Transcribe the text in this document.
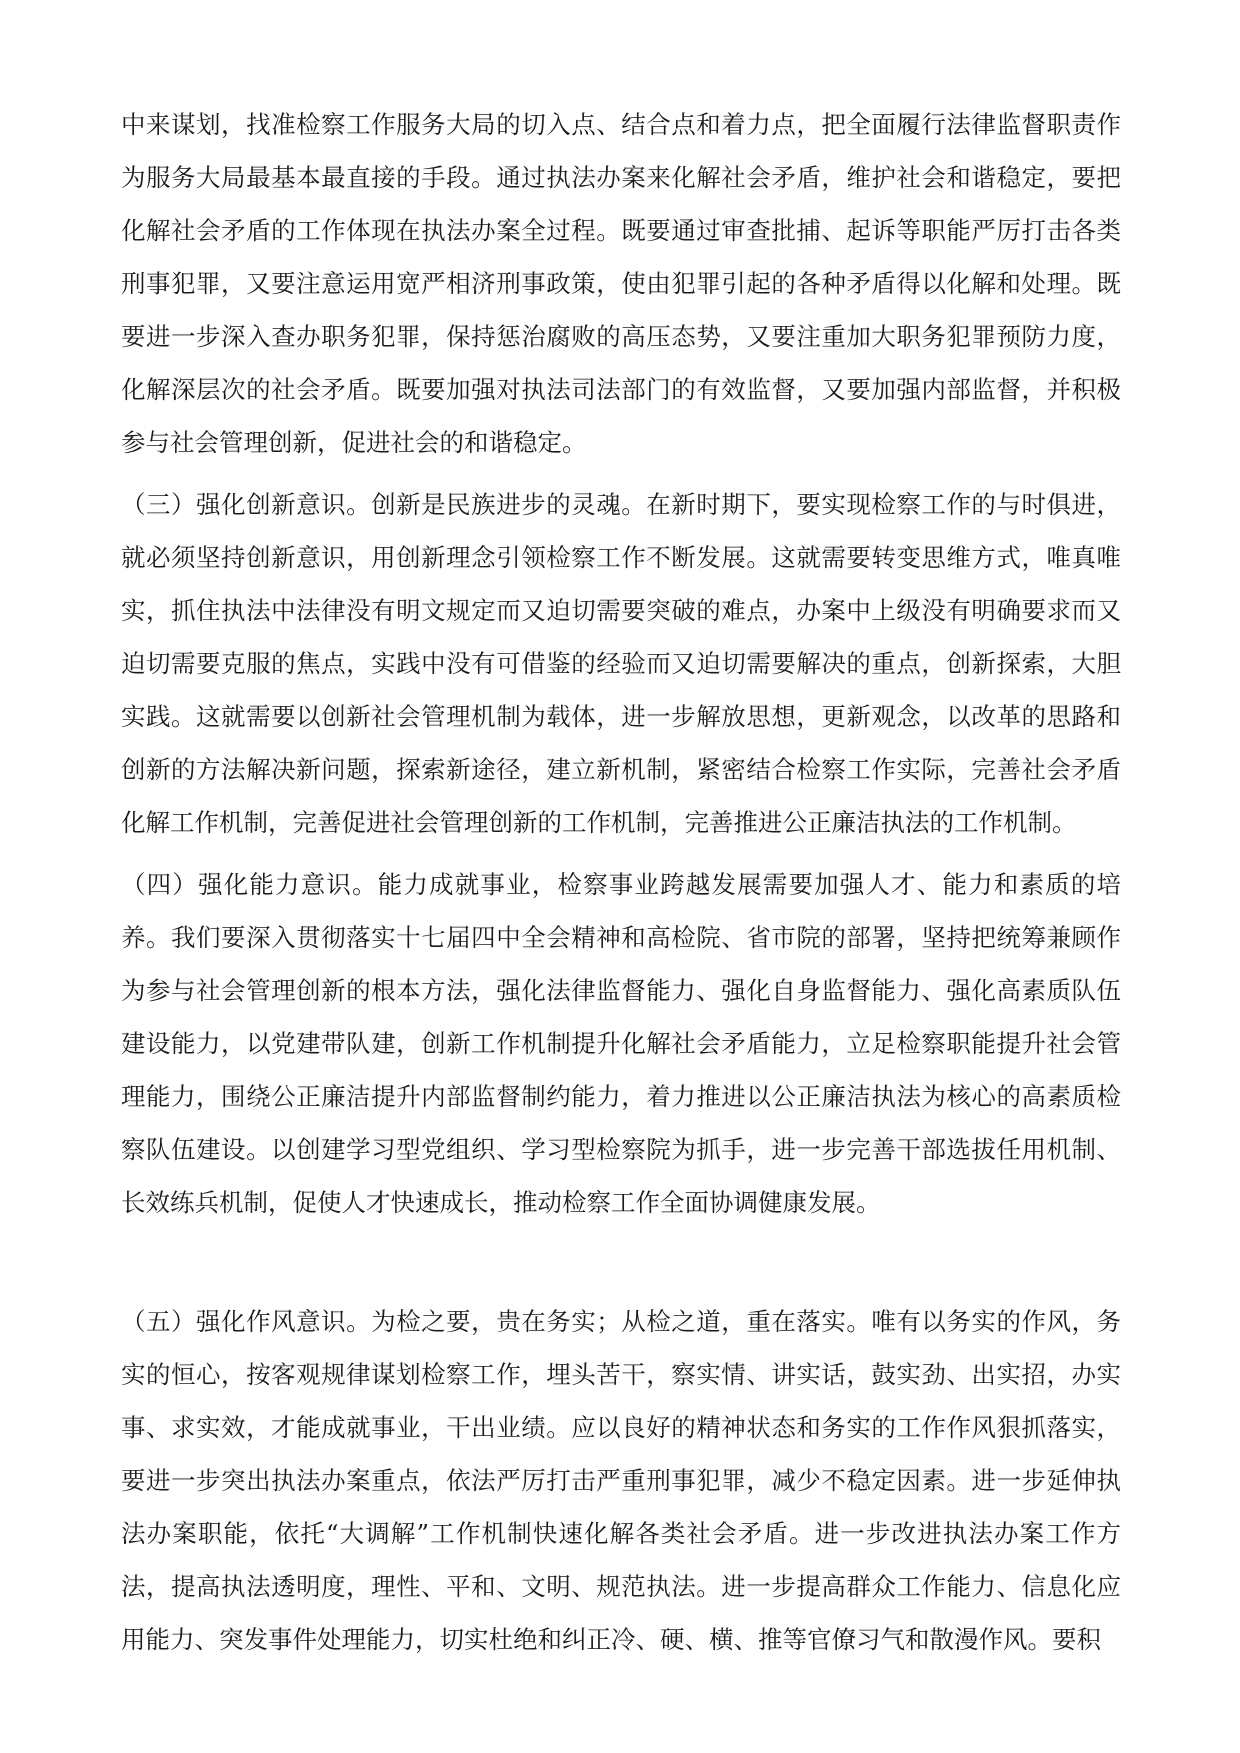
中来谋划，找准检察工作服务大局的切入点、结合点和着力点，把全面履行法律监督职责作为服务大局最基本最直接的手段。通过执法办案来化解社会矛盾，维护社会和谐稳定，要把化解社会矛盾的工作体现在执法办案全过程。既要通过审查批捕、起诉等职能严厉打击各类刑事犯罪，又要注意运用宽严相济刑事政策，使由犯罪引起的各种矛盾得以化解和处理。既要进一步深入查办职务犯罪，保持惩治腐败的高压态势，又要注重加大职务犯罪预防力度，化解深层次的社会矛盾。既要加强对执法司法部门的有效监督，又要加强内部监督，并积极参与社会管理创新，促进社会的和谐稳定。

（三）强化创新意识。创新是民族进步的灵魂。在新时期下，要实现检察工作的与时俱进，就必须坚持创新意识，用创新理念引领检察工作不断发展。这就需要转变思维方式，唯真唯实，抓住执法中法律没有明文规定而又迫切需要突破的难点，办案中上级没有明确要求而又迫切需要克服的焦点，实践中没有可借鉴的经验而又迫切需要解决的重点，创新探索，大胆实践。这就需要以创新社会管理机制为载体，进一步解放思想，更新观念，以改革的思路和创新的方法解决新问题，探索新途径，建立新机制，紧密结合检察工作实际，完善社会矛盾化解工作机制，完善促进社会管理创新的工作机制，完善推进公正廉洁执法的工作机制。

（四）强化能力意识。能力成就事业，检察事业跨越发展需要加强人才、能力和素质的培养。我们要深入贯彻落实十七届四中全会精神和高检院、省市院的部署，坚持把统筹兼顾作为参与社会管理创新的根本方法，强化法律监督能力、强化自身监督能力、强化高素质队伍建设能力，以党建带队建，创新工作机制提升化解社会矛盾能力，立足检察职能提升社会管理能力，围绕公正廉洁提升内部监督制约能力，着力推进以公正廉洁执法为核心的高素质检察队伍建设。以创建学习型党组织、学习型检察院为抓手，进一步完善干部选拔任用机制、长效练兵机制，促使人才快速成长，推动检察工作全面协调健康发展。

（五）强化作风意识。为检之要，贵在务实；从检之道，重在落实。唯有以务实的作风，务实的恒心，按客观规律谋划检察工作，埋头苦干，察实情、讲实话，鼓实劲、出实招，办实事、求实效，才能成就事业，干出业绩。应以良好的精神状态和务实的工作作风狠抓落实，要进一步突出执法办案重点，依法严厉打击严重刑事犯罪，减少不稳定因素。进一步延伸执法办案职能，依托“大调解”工作机制快速化解各类社会矛盾。进一步改进执法办案工作方法，提高执法透明度，理性、平和、文明、规范执法。进一步提高群众工作能力、信息化应用能力、突发事件处理能力，切实杜绝和纠正冷、硬、横、推等官僚习气和散漫作风。要积
